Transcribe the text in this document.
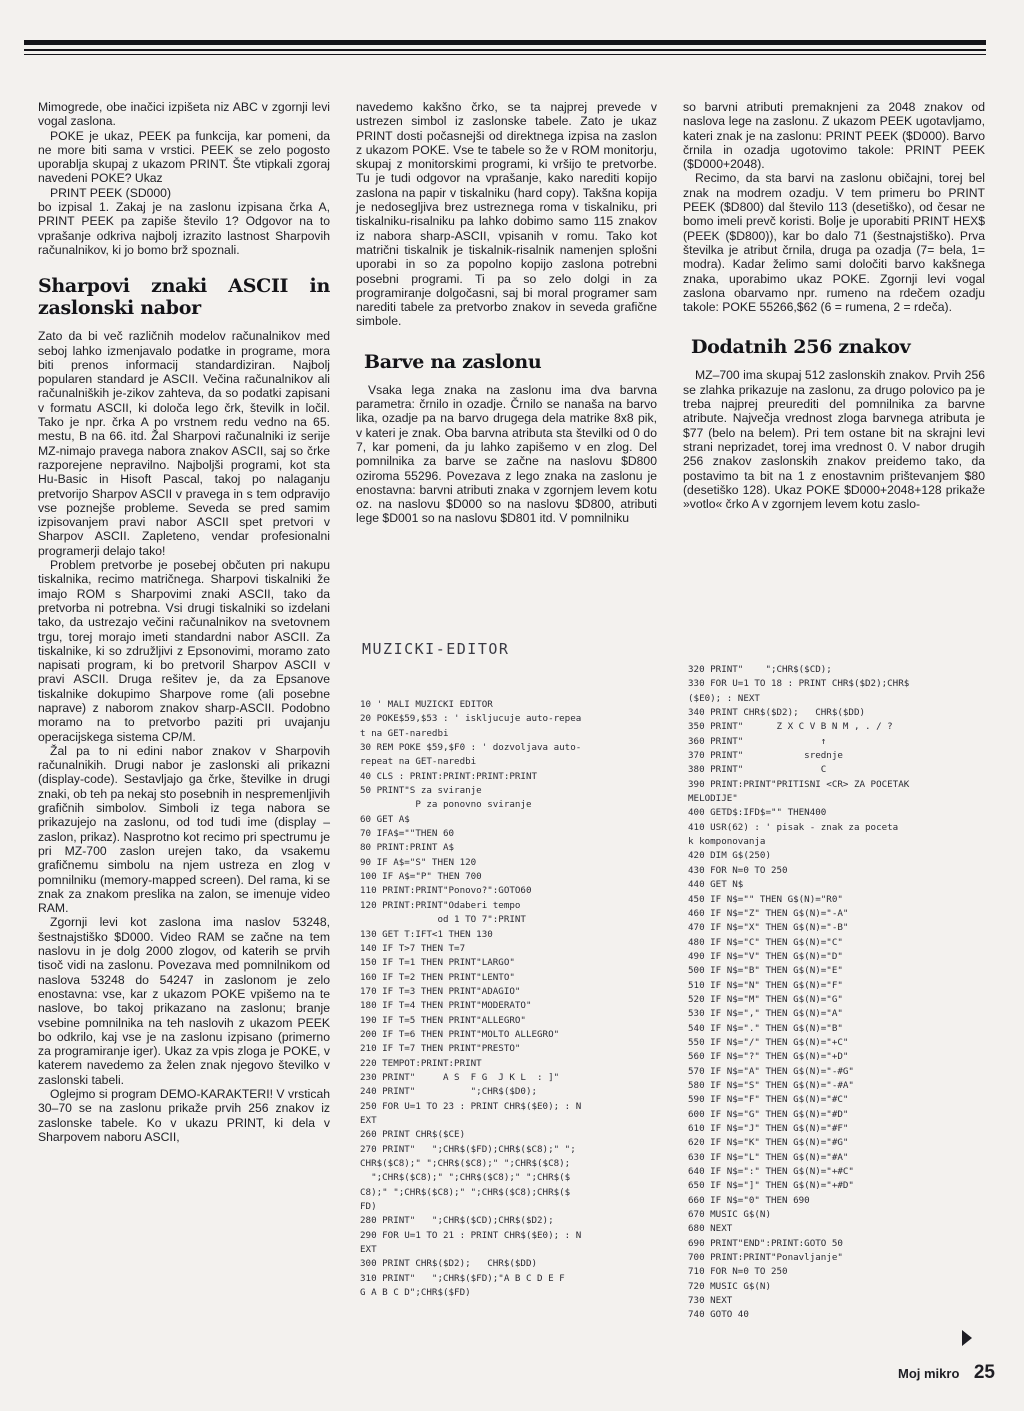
Mimogrede, obe inačici izpišeta niz ABC v zgornji levi vogal zaslona.

POKE je ukaz, PEEK pa funkcija, kar pomeni, da ne more biti sama v vrstici. PEEK se zelo pogosto uporablja skupaj z ukazom PRINT. Šte vtipkali zgoraj navedeni POKE? Ukaz

PRINT PEEK (SD000)

bo izpisal 1. Zakaj je na zaslonu izpisana črka A, PRINT PEEK pa zapiše število 1? Odgovor na to vprašanje odkriva najbolj izrazito lastnost Sharpovih računalnikov, ki jo bomo brž spoznali.

Sharpovi znaki ASCII in zaslonski nabor

Zato da bi več različnih modelov računalnikov med seboj lahko izmenjavalo podatke in programe, mora biti prenos informacij standardiziran. Najbolj popularen standard je ASCII. Večina računalnikov ali računalniških je-zikov zahteva, da so podatki zapisani v formatu ASCII, ki določa lego črk, številk in ločil. Tako je npr. črka A po vrstnem redu vedno na 65. mestu, B na 66. itd. Žal Sharpovi računalniki iz serije MZ-nimajo pravega nabora znakov ASCII, saj so črke razporejene nepravilno. Najboljši programi, kot sta Hu-Basic in Hisoft Pascal, takoj po nalaganju pretvorijo Sharpov ASCII v pravega in s tem odpravijo vse poznejše probleme. Seveda se pred samim izpisovanjem pravi nabor ASCII spet pretvori v Sharpov ASCII. Zapleteno, vendar profesionalni programerji delajo tako!

Problem pretvorbe je posebej občuten pri nakupu tiskalnika, recimo matričnega. Sharpovi tiskalniki že imajo ROM s Sharpovimi znaki ASCII, tako da pretvorba ni potrebna. Vsi drugi tiskalniki so izdelani tako, da ustrezajo večini računalnikov na svetovnem trgu, torej morajo imeti standardni nabor ASCII. Za tiskalnike, ki so združljivi z Epsonovimi, moramo zato napisati program, ki bo pretvoril Sharpov ASCII v pravi ASCII. Druga rešitev je, da za Epsanove tiskalnike dokupimo Sharpove rome (ali posebne naprave) z naborom znakov sharp-ASCII. Podobno moramo na to pretvorbo paziti pri uvajanju operacijskega sistema CP/M.

Žal pa to ni edini nabor znakov v Sharpovih računalnikih. Drugi nabor je zaslonski ali prikazni (display-code). Sestavljajo ga črke, številke in drugi znaki, ob teh pa nekaj sto posebnih in nespremenljivih grafičnih simbolov. Simboli iz tega nabora se prikazujejo na zaslonu, od tod tudi ime (display – zaslon, prikaz). Nasprotno kot recimo pri spectrumu je pri MZ-700 zaslon urejen tako, da vsakemu grafičnemu simbolu na njem ustreza en zlog v pomnilniku (memory-mapped screen). Del rama, ki se znak za znakom preslika na zalon, se imenuje video RAM.

Zgornji levi kot zaslona ima naslov 53248, šestnajstiško $D000. Video RAM se začne na tem naslovu in je dolg 2000 zlogov, od katerih se prvih tisoč vidi na zaslonu. Povezava med pomnilnikom od naslova 53248 do 54247 in zaslonom je zelo enostavna: vse, kar z ukazom POKE vpišemo na te naslove, bo takoj prikazano na zaslonu; branje vsebine pomnilnika na teh naslovih z ukazom PEEK bo odkrilo, kaj vse je na zaslonu izpisano (primerno za programiranje iger). Ukaz za vpis zloga je POKE, v katerem navedemo za želen znak njegovo številko v zaslonski tabeli.

Oglejmo si program DEMO-KARAKTERI! V vrsticah 30–70 se na zaslonu prikaže prvih 256 znakov iz zaslonske tabele. Ko v ukazu PRINT, ki dela v Sharpovem naboru ASCII,

navedemo kakšno črko, se ta najprej prevede v ustrezen simbol iz zaslonske tabele. Zato je ukaz PRINT dosti počasnejši od direktnega izpisa na zaslon z ukazom POKE. Vse te tabele so že v ROM monitorju, skupaj z monitorskimi programi, ki vršijo te pretvorbe. Tu je tudi odgovor na vprašanje, kako narediti kopijo zaslona na papir v tiskalniku (hard copy). Takšna kopija je nedosegljiva brez ustreznega roma v tiskalniku, pri tiskalniku-risalniku pa lahko dobimo samo 115 znakov iz nabora sharp-ASCII, vpisanih v romu. Tako kot matrični tiskalnik je tiskalnik-risalnik namenjen splošni uporabi in so za popolno kopijo zaslona potrebni posebni programi. Ti pa so zelo dolgi in za programiranje dolgočasni, saj bi moral programer sam narediti tabele za pretvorbo znakov in seveda grafične simbole.

Barve na zaslonu

Vsaka lega znaka na zaslonu ima dva barvna parametra: črnilo in ozadje. Črnilo se nanaša na barvo lika, ozadje pa na barvo drugega dela matrike 8x8 pik, v kateri je znak. Oba barvna atributa sta številki od 0 do 7, kar pomeni, da ju lahko zapišemo v en zlog. Del pomnilnika za barve se začne na naslovu $D800 oziroma 55296. Povezava z lego znaka na zaslonu je enostavna: barvni atributi znaka v zgornjem levem kotu oz. na naslovu $D000 so na naslovu $D800, atributi lege $D001 so na naslovu $D801 itd. V pomnilniku

so barvni atributi premaknjeni za 2048 znakov od naslova lege na zaslonu. Z ukazom PEEK ugotavljamo, kateri znak je na zaslonu: PRINT PEEK ($D000). Barvo črnila in ozadja ugotovimo takole: PRINT PEEK ($D000+2048).

Recimo, da sta barvi na zaslonu običajni, torej bel znak na modrem ozadju. V tem primeru bo PRINT PEEK ($D800) dal število 113 (desetiško), od česar ne bomo imeli prevč koristi. Bolje je uporabiti PRINT HEX$ (PEEK ($D800)), kar bo dalo 71 (šestnajstiško). Prva številka je atribut črnila, druga pa ozadja (7= bela, 1= modra). Kadar želimo sami določiti barvo kakšnega znaka, uporabimo ukaz POKE. Zgornji levi vogal zaslona obarvamo npr. rumeno na rdečem ozadju takole: POKE 55266,$62 (6 = rumena, 2 = rdeča).

Dodatnih 256 znakov

MZ–700 ima skupaj 512 zaslonskih znakov. Prvih 256 se zlahka prikazuje na zaslonu, za drugo polovico pa je treba najprej preurediti del pomnilnika za barvne atribute. Največja vrednost zloga barvnega atributa je $77 (belo na belem). Pri tem ostane bit na skrajni levi strani neprizadet, torej ima vrednost 0. V nabor drugih 256 znakov zaslonskih znakov preidemo tako, da postavimo ta bit na 1 z enostavnim prištevanjem $80 (desetiško 128). Ukaz POKE $D000+2048+128 prikaže »votlo« črko A v zgornjem levem kotu zaslo-

MUZICKI-EDITOR
10 ' MALI MUZICKI EDITOR
20 POKE$59,$53 : ' iskljucuje auto-repea
t na GET-naredbi
30 REM POKE $59,$F0 : ' dozvoljava auto-
repeat na GET-naredbi
40 CLS : PRINT:PRINT:PRINT:PRINT
50 PRINT"S za sviranje
P za ponovno sviranje
60 GET A$
70 IFA$=""THEN 60
80 PRINT:PRINT A$
90 IF A$="S" THEN 120
100 IF A$="P" THEN 700
110 PRINT:PRINT"Ponovo?":GOTO60
120 PRINT:PRINT"Odaberi tempo
od 1 TO 7":PRINT
130 GET T:IFT<1 THEN 130
140 IF T>7 THEN T=7
150 IF T=1 THEN PRINT"LARGO"
160 IF T=2 THEN PRINT"LENTO"
170 IF T=3 THEN PRINT"ADAGIO"
180 IF T=4 THEN PRINT"MODERATO"
190 IF T=5 THEN PRINT"ALLEGRO"
200 IF T=6 THEN PRINT"MOLTO ALLEGRO"
210 IF T=7 THEN PRINT"PRESTO"
220 TEMPOT:PRINT:PRINT
230 PRINT"     A S  F G  J K L  : ]"
240 PRINT"          ";CHR$($D0);
250 FOR U=1 TO 23 : PRINT CHR$($E0); : N
EXT
260 PRINT CHR$($CE)
270 PRINT"   ";CHR$($FD);CHR$($C8);" ";
CHR$($C8);" ";CHR$($C8);" ";CHR$($C8);
";CHR$($C8);" ";CHR$($C8);" ";CHR$($
C8);" ";CHR$($C8);" ";CHR$($C8);CHR$($
FD)
280 PRINT"   ";CHR$($CD);CHR$($D2);
290 FOR U=1 TO 21 : PRINT CHR$($E0); : N
EXT
300 PRINT CHR$($D2);   CHR$($DD)
310 PRINT"   ";CHR$($FD);"A B C D E F
G A B C D";CHR$($FD)
320 PRINT"    ";CHR$($CD);
330 FOR U=1 TO 18 : PRINT CHR$($D2);CHR$
($E0); : NEXT
340 PRINT CHR$($D2);   CHR$($DD)
350 PRINT"      Z X C V B N M , . / ?
360 PRINT"              ↑
370 PRINT"           srednje
380 PRINT"              C
390 PRINT:PRINT"PRITISNI <CR> ZA POCETAK
MELODIJE"
400 GETD$:IFD$="" THEN400
410 USR(62) : ' pisak - znak za poceta
k komponovanja
420 DIM G$(250)
430 FOR N=0 TO 250
440 GET N$
450 IF N$="" THEN G$(N)="R0"
460 IF N$="Z" THEN G$(N)="-A"
470 IF N$="X" THEN G$(N)="-B"
480 IF N$="C" THEN G$(N)="C"
490 IF N$="V" THEN G$(N)="D"
500 IF N$="B" THEN G$(N)="E"
510 IF N$="N" THEN G$(N)="F"
520 IF N$="M" THEN G$(N)="G"
530 IF N$="," THEN G$(N)="A"
540 IF N$="." THEN G$(N)="B"
550 IF N$="/" THEN G$(N)="+C"
560 IF N$="?" THEN G$(N)="+D"
570 IF N$="A" THEN G$(N)="-#G"
580 IF N$="S" THEN G$(N)="-#A"
590 IF N$="F" THEN G$(N)="#C"
600 IF N$="G" THEN G$(N)="#D"
610 IF N$="J" THEN G$(N)="#F"
620 IF N$="K" THEN G$(N)="#G"
630 IF N$="L" THEN G$(N)="#A"
640 IF N$=":" THEN G$(N)="+#C"
650 IF N$="]" THEN G$(N)="+#D"
660 IF N$="0" THEN 690
670 MUSIC G$(N)
680 NEXT
690 PRINT"END":PRINT:GOTO 50
700 PRINT:PRINT"Ponavljanje"
710 FOR N=0 TO 250
720 MUSIC G$(N)
730 NEXT
740 GOTO 40
Moj mikro 25
